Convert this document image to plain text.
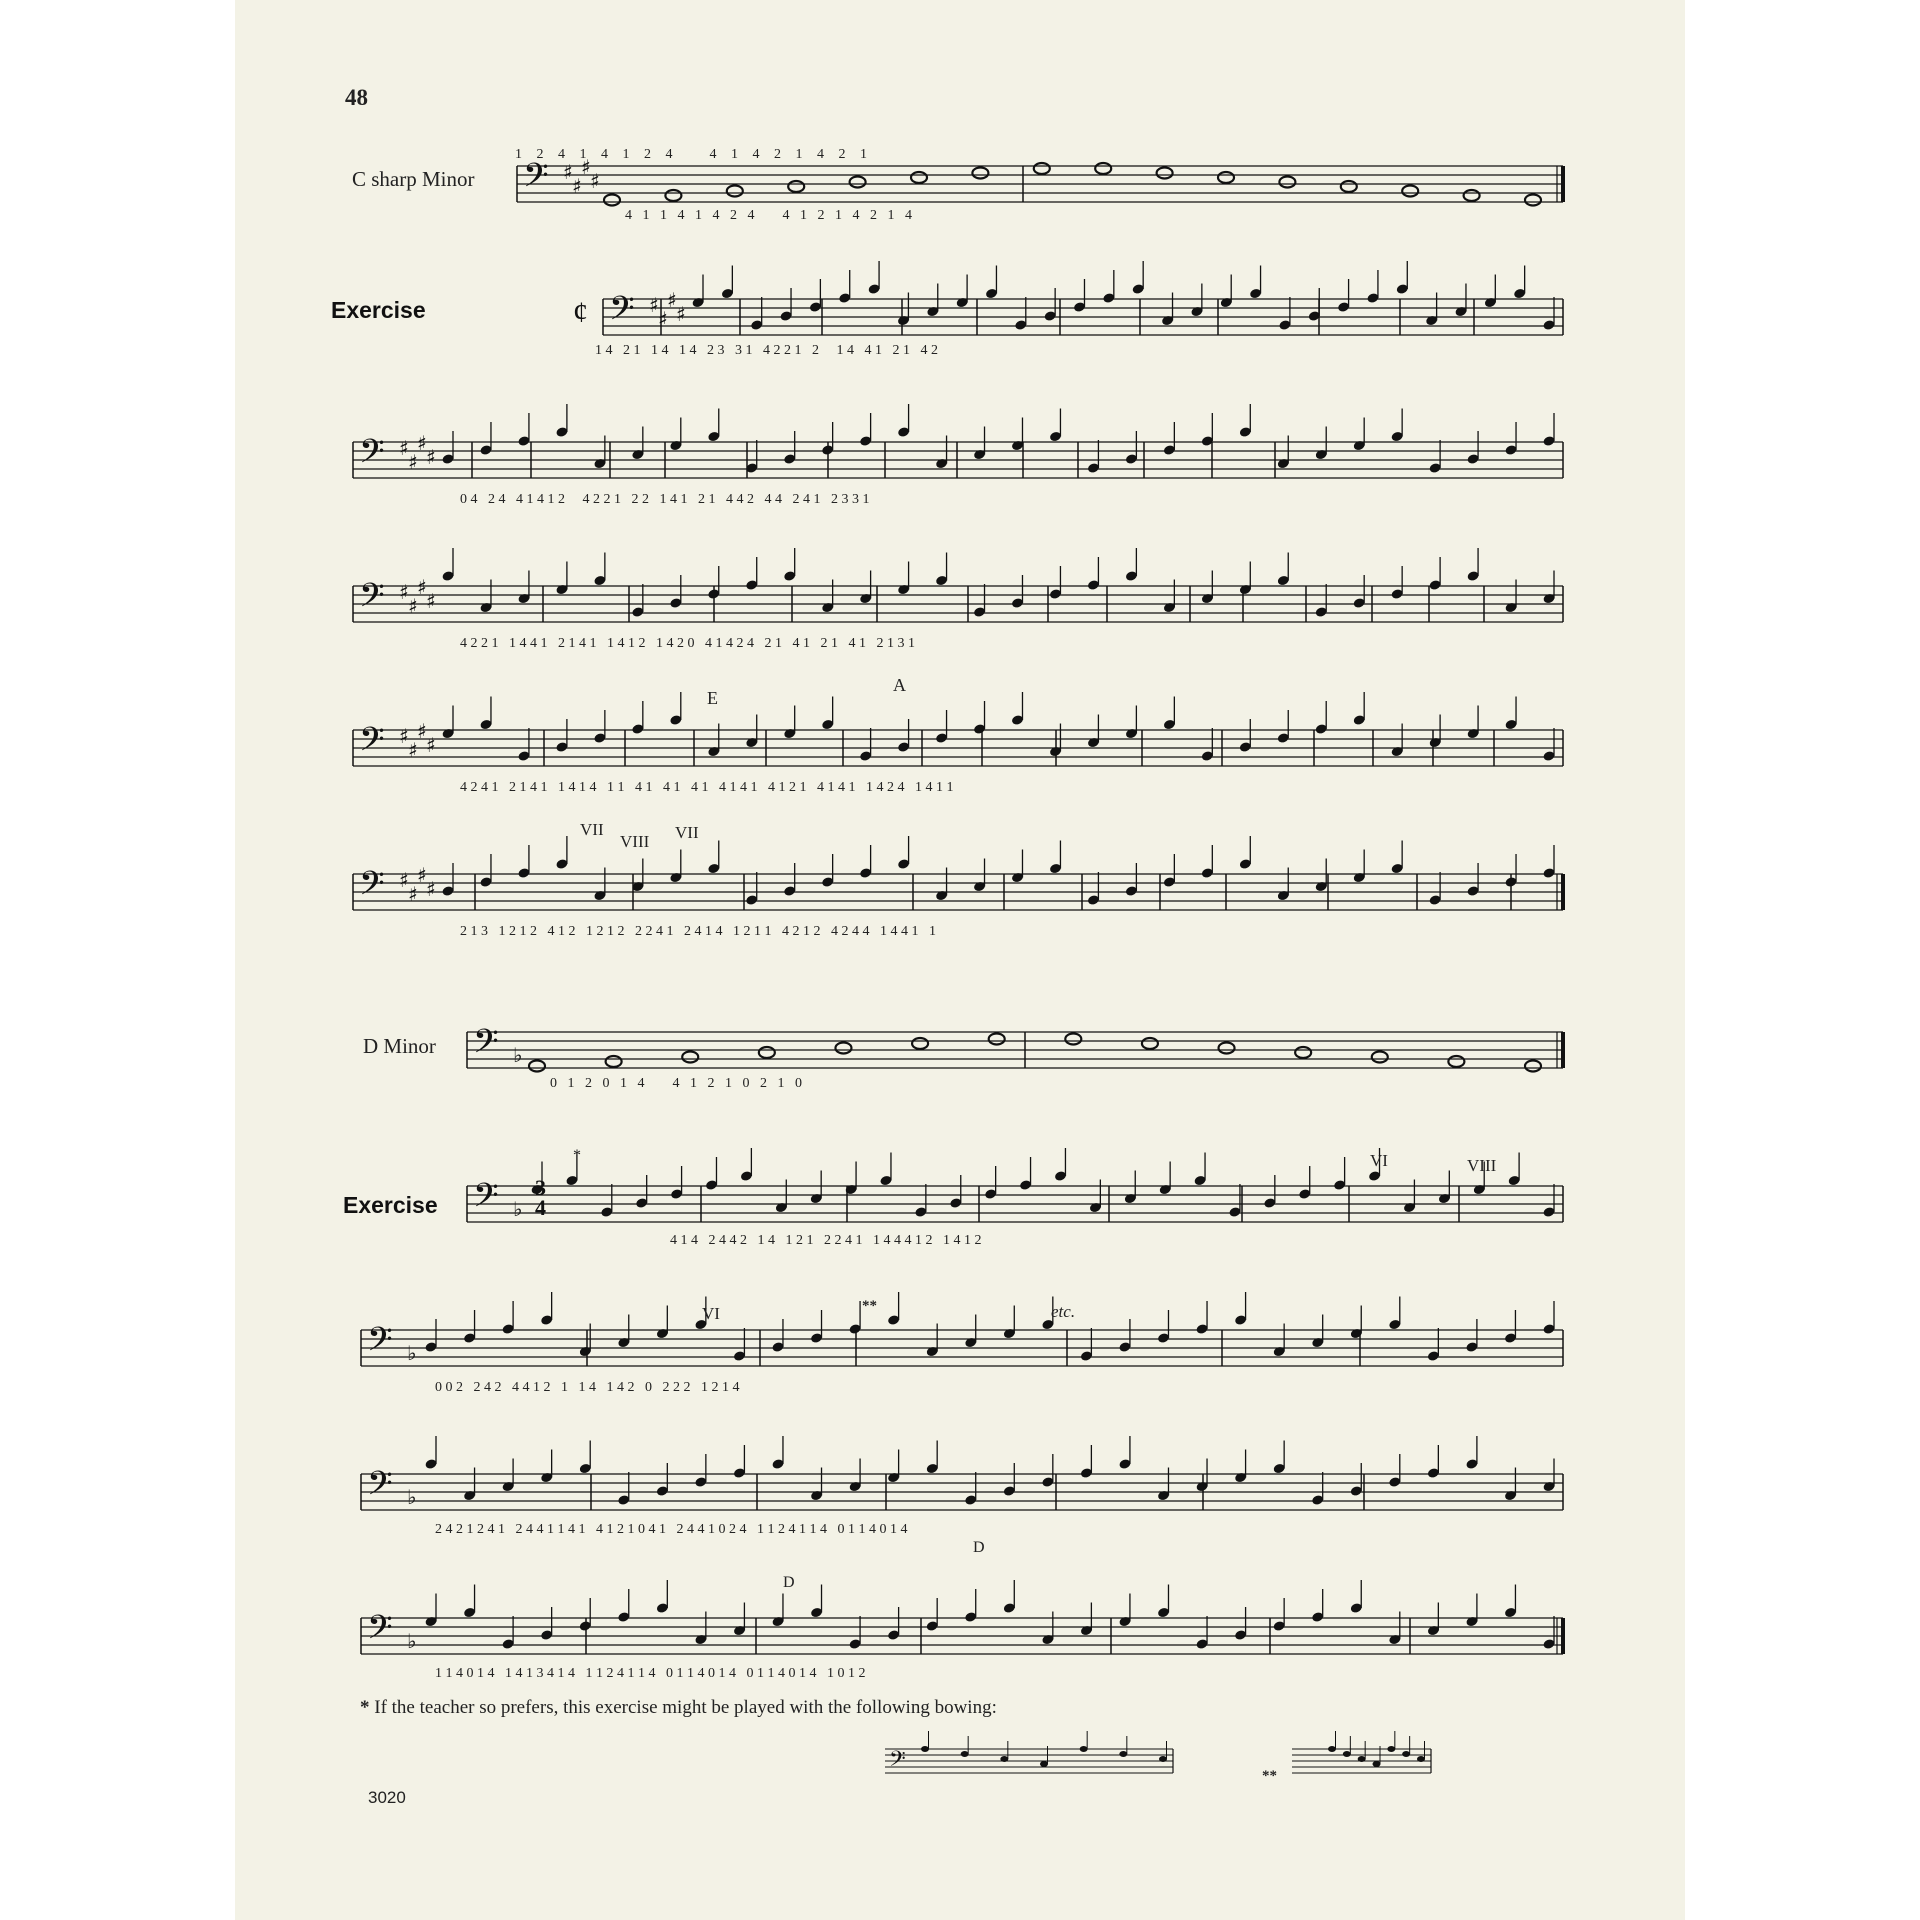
48
C sharp Minor
Exercise
D Minor
Exercise
𝄢 ♯
♯
♯
♯
𝄢 ♯
♯
♯
♯
𝄢 ♯
♯
♯
♯
𝄢 ♯
♯
♯
♯
𝄢 ♯
♯
♯
♯
𝄢 ♯
♯
♯
♯
𝄢 ♭
𝄢 ♭
𝄢 ♭
𝄢 ♭
𝄢 ♭
𝄢
1   2   4   1   4   1   2   4        4   1   4   2   1   4   2   1
4   1   1   4   1   4   2   4        4   1   2   1   4   2   1   4
1 4   2 1   1 4   1 4   2 3   3 1   4 2 2 1   2     1 4   4 1   2 1   4 2
0 4   2 4   4 1 4 1 2     4 2 2 1   2 2   1 4 1   2 1   4 4 2   4 4   2 4 1   2 3 3 1
4 2 2 1   1 4 4 1   2 1 4 1   1 4 1 2   1 4 2 0   4 1 4 2 4   2 1   4 1   2 1   4 1   2 1 3 1
4 2 4 1   2 1 4 1   1 4 1 4   1 1   4 1   4 1   4 1   4 1 4 1   4 1 2 1   4 1 4 1   1 4 2 4   1 4 1 1
2 1 3   1 2 1 2   4 1 2   1 2 1 2   2 2 4 1   2 4 1 4   1 2 1 1   4 2 1 2   4 2 4 4   1 4 4 1   1
0   1   2   0   1   4        4   1   2   1   0   2   1   0
4 1 4   2 4 4 2   1 4   1 2 1   2 2 4 1   1 4 4 4 1 2   1 4 1 2
0 0 2   2 4 2   4 4 1 2   1   1 4   1 4 2   0   2 2 2   1 2 1 4
2 4 2 1 2 4 1   2 4 4 1 1 4 1   4 1 2 1 0 4 1   2 4 4 1 0 2 4   1 1 2 4 1 1 4   0 1 1 4 0 1 4
1 1 4 0 1 4   1 4 1 3 4 1 4   1 1 2 4 1 1 4   0 1 1 4 0 1 4   0 1 1 4 0 1 4   1 0 1 2
E
A
VII
VIII VII
VI	VIII
VI	etc.
D
D
*
**
¢
3
4
* If the teacher so prefers, this exercise might be played with the following bowing:
**
3020
